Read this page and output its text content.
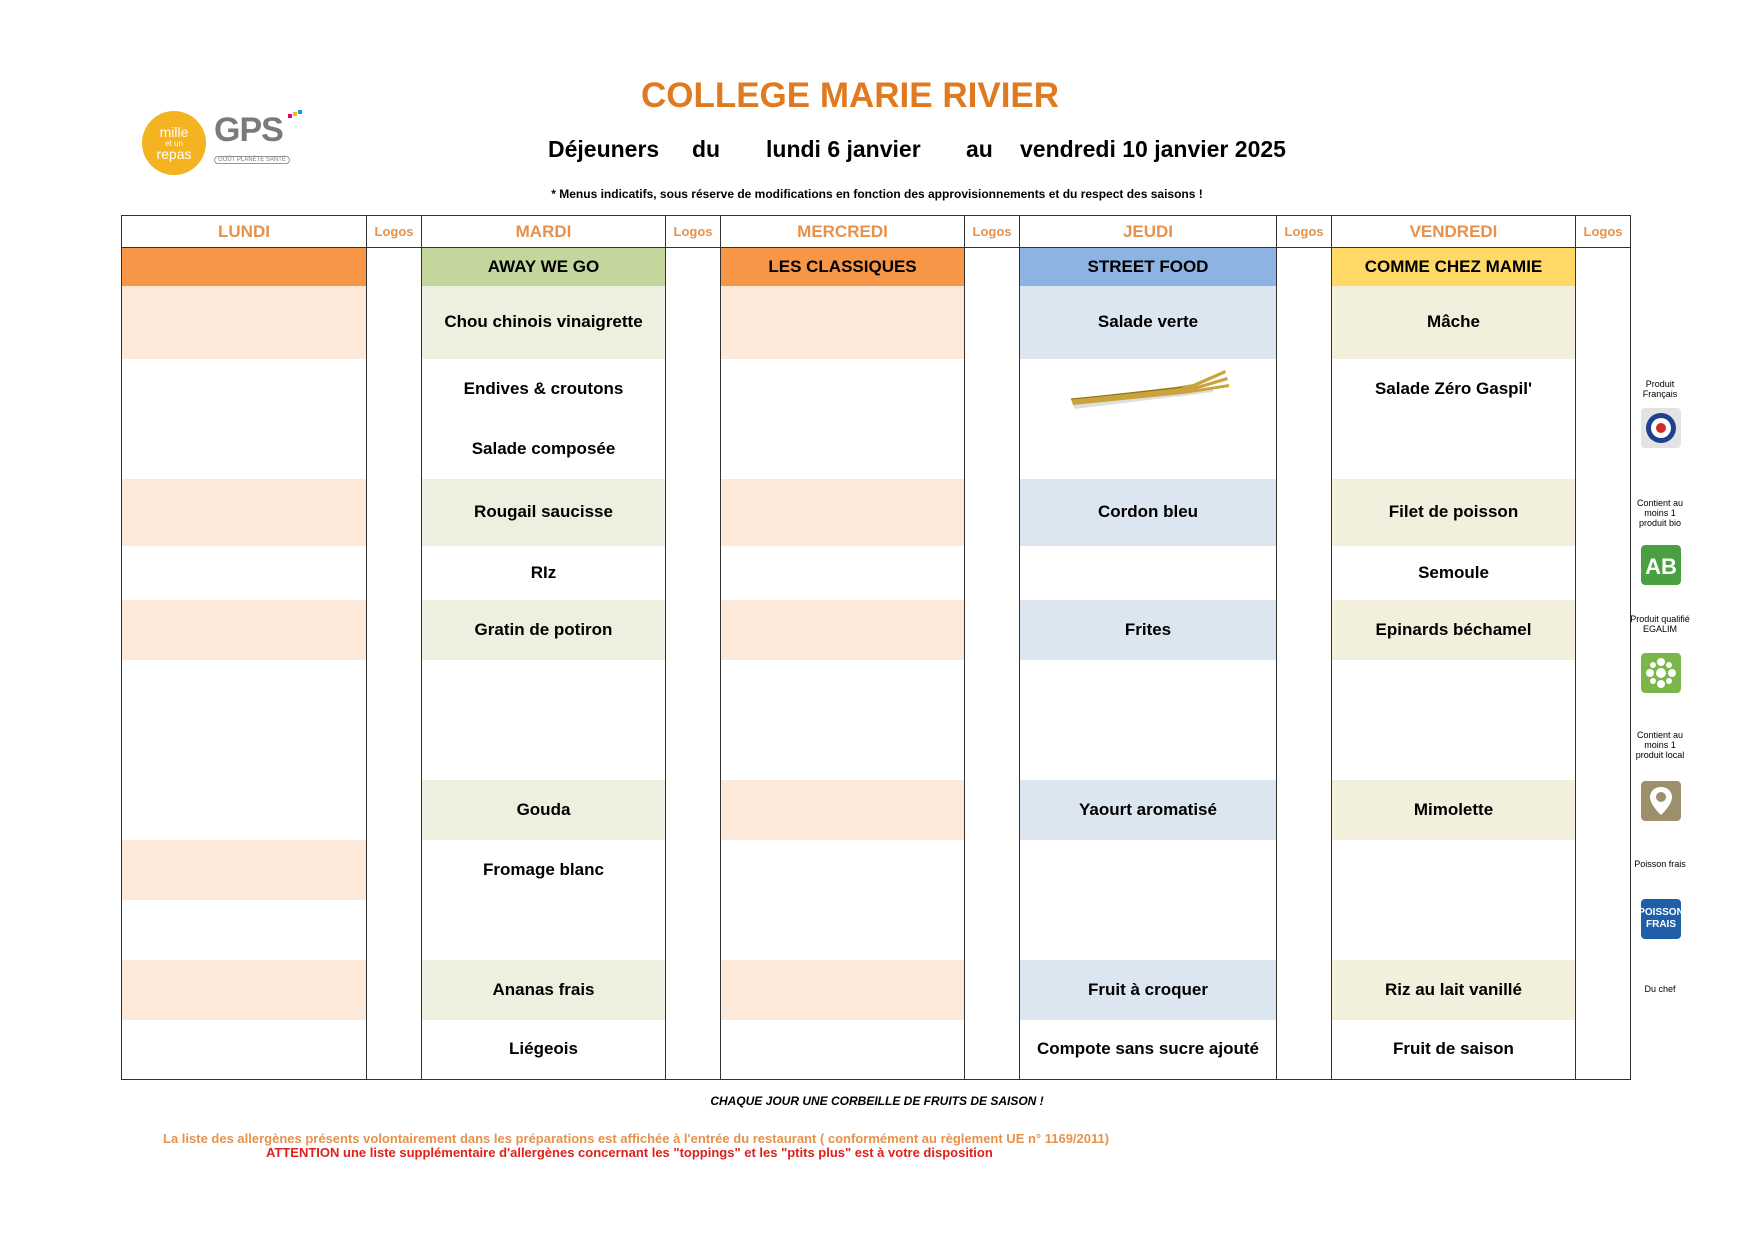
COLLEGE MARIE RIVIER
mille
et un
repas
GPS
GOÛT PLANÈTE SANTÉ	Déjeuners du lundi 6 janvier au vendredi 10 janvier 2025
* Menus indicatifs, sous réserve de modifications en fonction des approvisionnements et du respect des saisons !
LUNDI	Logos	MARDI	Logos	MERCREDI	Logos	JEUDI	Logos	VENDREDI	Logos
		AWAY WE GO		LES CLASSIQUES		STREET FOOD		COMME CHEZ MAMIE	
		Chou chinois vinaigrette				Salade verte		Mâche	
		Endives & croutons						Salade Zéro Gaspil'	
		Salade composée							
		Rougail saucisse				Cordon bleu		Filet de poisson	
		RIz						Semoule	
		Gratin de potiron				Frites		Epinards béchamel	

		Gouda				Yaourt aromatisé		Mimolette	
		Fromage blanc							

		Ananas frais				Fruit à croquer		Riz au lait vanillé	
		Liégeois				Compote sans sucre ajouté		Fruit de saison	
Produit Français
Contient au moins 1 produit bio
AB
Produit qualifié EGALIM
Contient au moins 1 produit local
Poisson frais
POISSON FRAIS
Du chef
CHAQUE JOUR UNE CORBEILLE DE FRUITS DE SAISON !
La liste des allergènes présents volontairement dans les préparations est affichée à l'entrée du restaurant ( conformément au règlement UE n° 1169/2011)
ATTENTION une liste supplémentaire d'allergènes concernant les "toppings" et les "ptits plus" est à votre disposition
